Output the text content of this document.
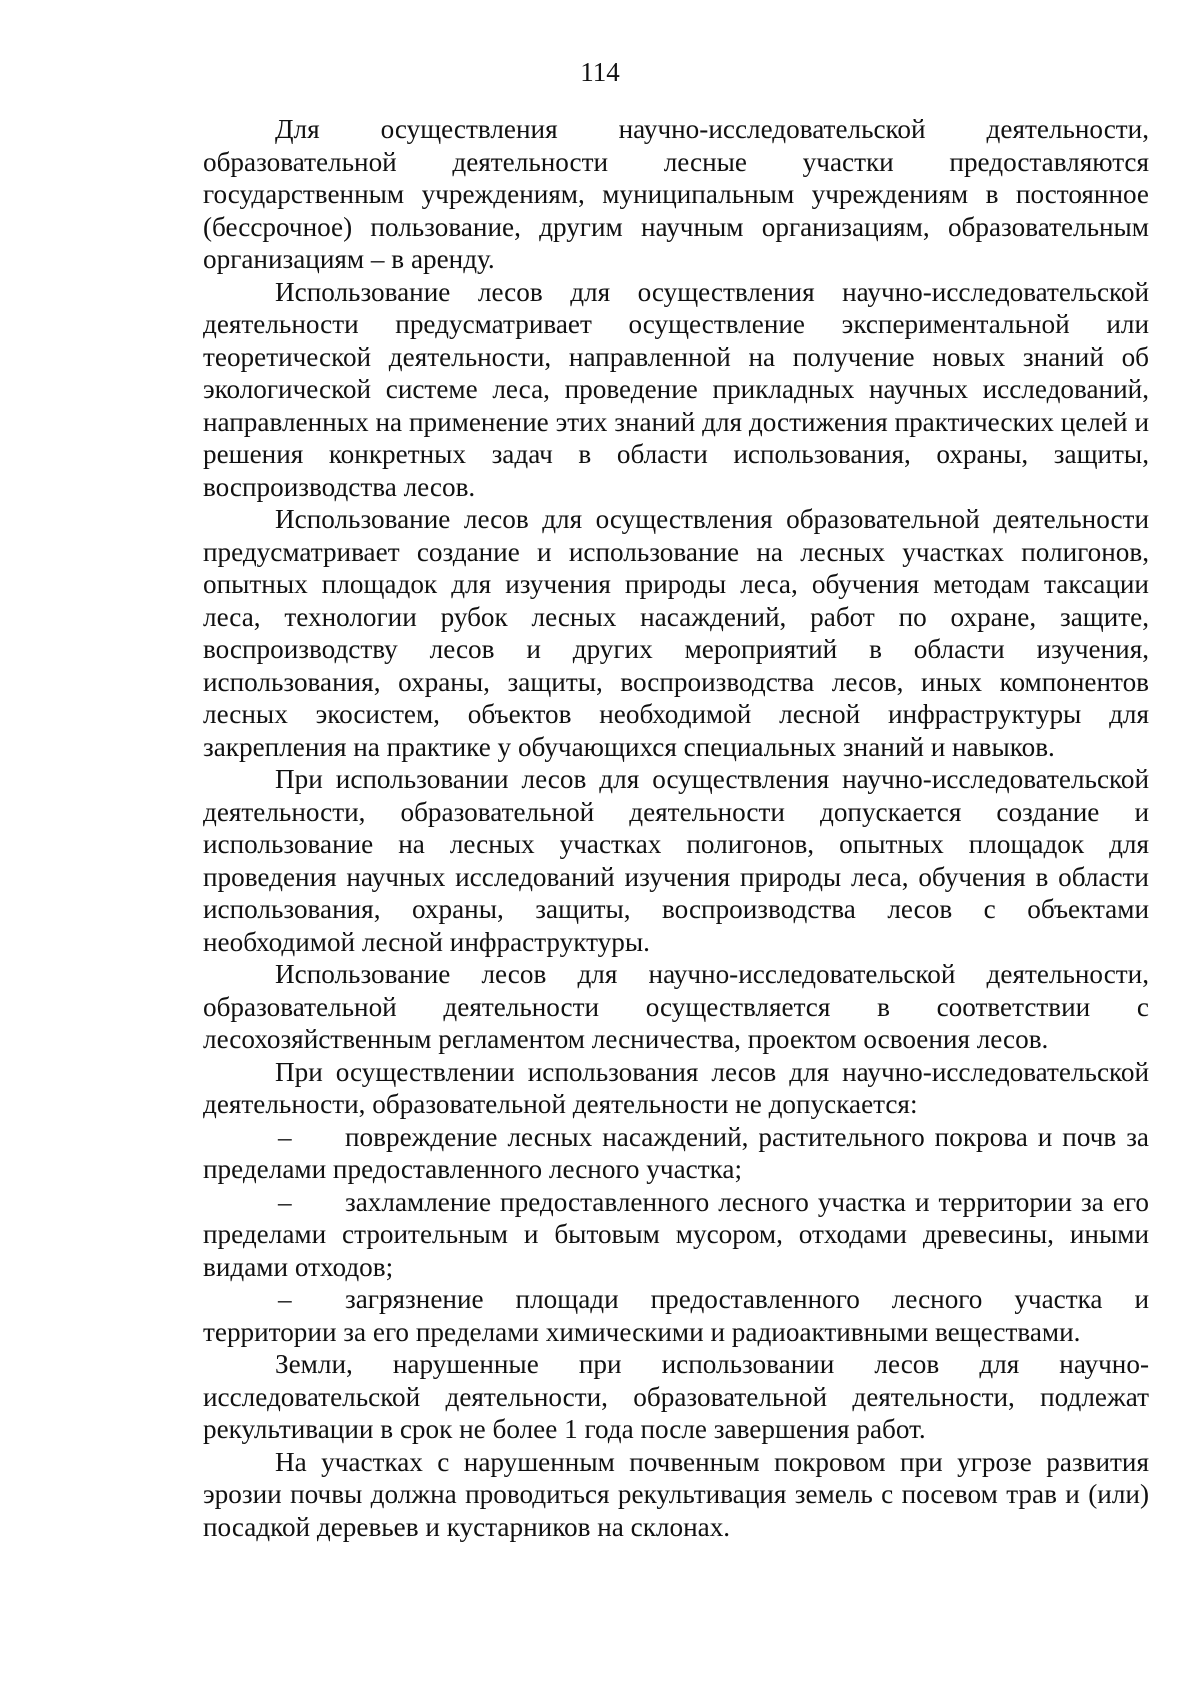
114

Для осуществления научно-исследовательской деятельности, образовательной деятельности лесные участки предоставляются государственным учреждениям, муниципальным учреждениям в постоянное (бессрочное) пользование, другим научным организациям, образовательным организациям – в аренду.

Использование лесов для осуществления научно-исследовательской деятельности предусматривает осуществление экспериментальной или теоретической деятельности, направленной на получение новых знаний об экологической системе леса, проведение прикладных научных исследований, направленных на применение этих знаний для достижения практических целей и решения конкретных задач в области использования, охраны, защиты, воспроизводства лесов.

Использование лесов для осуществления образовательной деятельности предусматривает создание и использование на лесных участках полигонов, опытных площадок для изучения природы леса, обучения методам таксации леса, технологии рубок лесных насаждений, работ по охране, защите, воспроизводству лесов и других мероприятий в области изучения, использования, охраны, защиты, воспроизводства лесов, иных компонентов лесных экосистем, объектов необходимой лесной инфраструктуры для закрепления на практике у обучающихся специальных знаний и навыков.

При использовании лесов для осуществления научно-исследовательской деятельности, образовательной деятельности допускается создание и использование на лесных участках полигонов, опытных площадок для проведения научных исследований изучения природы леса, обучения в области использования, охраны, защиты, воспроизводства лесов с объектами необходимой лесной инфраструктуры.

Использование лесов для научно-исследовательской деятельности, образовательной деятельности осуществляется в соответствии с лесохозяйственным регламентом лесничества, проектом освоения лесов.

При осуществлении использования лесов для научно-исследовательской деятельности, образовательной деятельности не допускается:

– повреждение лесных насаждений, растительного покрова и почв за пределами предоставленного лесного участка;

– захламление предоставленного лесного участка и территории за его пределами строительным и бытовым мусором, отходами древесины, иными видами отходов;

– загрязнение площади предоставленного лесного участка и территории за его пределами химическими и радиоактивными веществами.

Земли, нарушенные при использовании лесов для научно-исследовательской деятельности, образовательной деятельности, подлежат рекультивации в срок не более 1 года после завершения работ.

На участках с нарушенным почвенным покровом при угрозе развития эрозии почвы должна проводиться рекультивация земель с посевом трав и (или) посадкой деревьев и кустарников на склонах.
